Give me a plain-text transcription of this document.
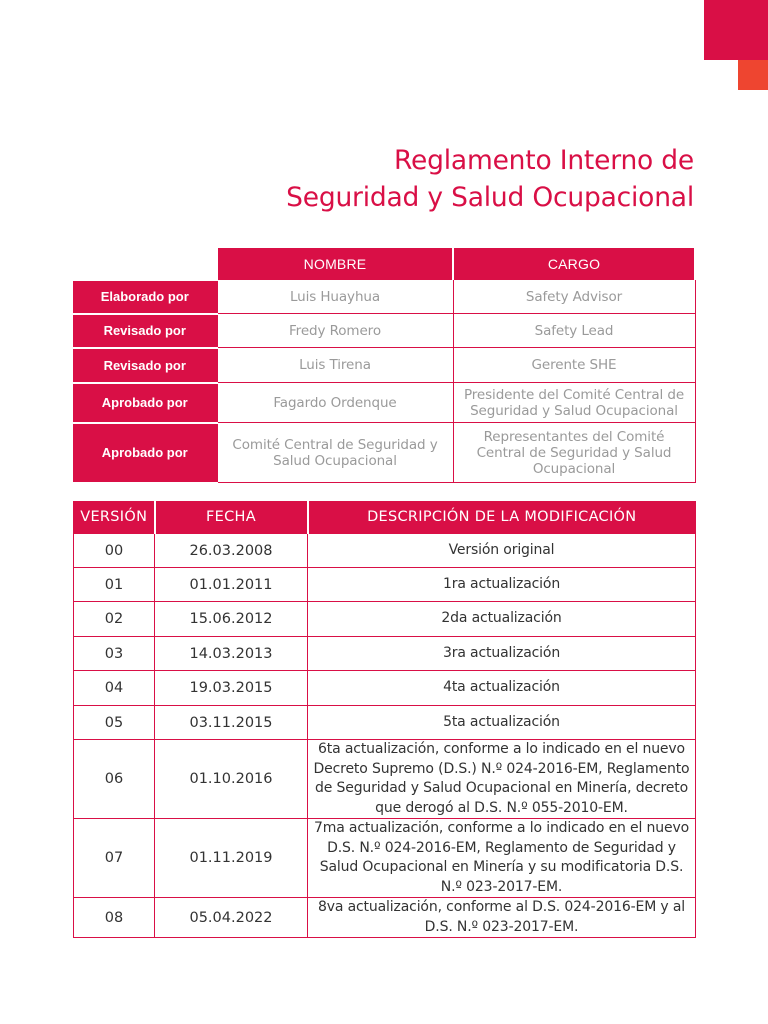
Reglamento Interno de
Seguridad y Salud Ocupacional
	NOMBRE	CARGO
Elaborado por	Luis Huayhua	Safety Advisor
Revisado por	Fredy Romero	Safety Lead
Revisado por	Luis Tirena	Gerente SHE
Aprobado por	Fagardo Ordenque	Presidente del Comité Central de Seguridad y Salud Ocupacional
Aprobado por	Comité Central de Seguridad y Salud Ocupacional	Representantes del Comité Central de Seguridad y Salud Ocupacional
VERSIÓN	FECHA	DESCRIPCIÓN DE LA MODIFICACIÓN
00	26.03.2008	Versión original
01	01.01.2011	1ra actualización
02	15.06.2012	2da actualización
03	14.03.2013	3ra actualización
04	19.03.2015	4ta actualización
05	03.11.2015	5ta actualización
06	01.10.2016	6ta actualización, conforme a lo indicado en el nuevo Decreto Supremo (D.S.) N.º 024-2016-EM, Reglamento de Seguridad y Salud Ocupacional en Minería, decreto que derogó al D.S. N.º 055-2010-EM.
07	01.11.2019	7ma actualización, conforme a lo indicado en el nuevo D.S. N.º 024-2016-EM, Reglamento de Seguridad y Salud Ocupacional en Minería y su modificatoria D.S. N.º 023-2017-EM.
08	05.04.2022	8va actualización, conforme al D.S. 024-2016-EM y al D.S. N.º 023-2017-EM.
